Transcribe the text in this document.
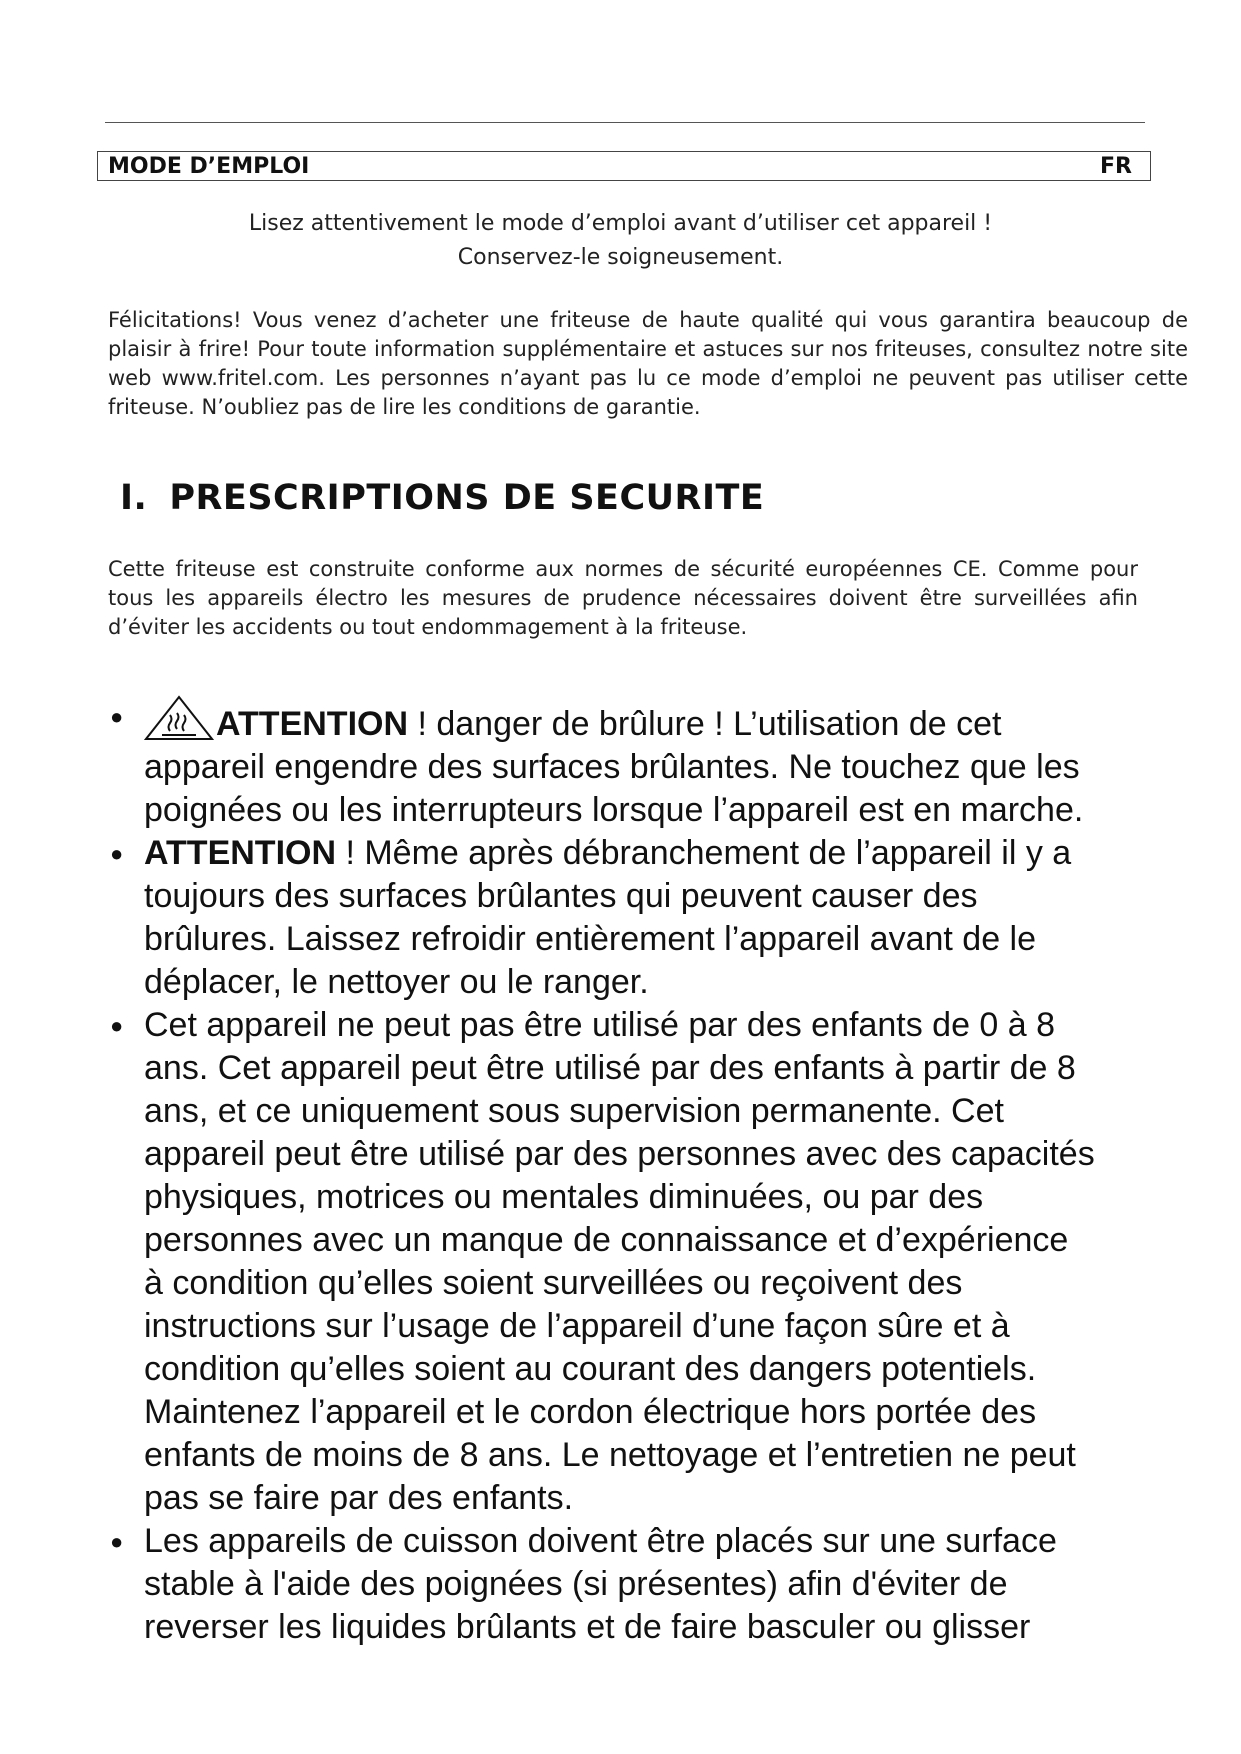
MODE D’EMPLOI	FR
Lisez attentivement le mode d’emploi avant d’utiliser cet appareil !
Conservez-le soigneusement.
Félicitations! Vous venez d’acheter une friteuse de haute qualité qui vous garantira beaucoup de plaisir à frire! Pour toute information supplémentaire et astuces sur nos friteuses, consultez notre site web www.fritel.com. Les personnes n’ayant pas lu ce mode d’emploi ne peuvent pas utiliser cette friteuse. N’oubliez pas de lire les conditions de garantie.
I. PRESCRIPTIONS DE SECURITE
Cette friteuse est construite conforme aux normes de sécurité européennes CE. Comme pour tous les appareils électro les mesures de prudence nécessaires doivent être surveillées afin d’éviter les accidents ou tout endommagement à la friteuse.
●	ATTENTION ! danger de brûlure ! L’utilisation de cet

appareil engendre des surfaces brûlantes. Ne touchez que les

poignées ou les interrupteurs lorsque l’appareil est en marche.

● ATTENTION ! Même après débranchement de l’appareil il y a

toujours des surfaces brûlantes qui peuvent causer des

brûlures. Laissez refroidir entièrement l’appareil avant de le

déplacer, le nettoyer ou le ranger.

● Cet appareil ne peut pas être utilisé par des enfants de 0 à 8

ans. Cet appareil peut être utilisé par des enfants à partir de 8

ans, et ce uniquement sous supervision permanente. Cet

appareil peut être utilisé par des personnes avec des capacités

physiques, motrices ou mentales diminuées, ou par des

personnes avec un manque de connaissance et d’expérience

à condition qu’elles soient surveillées ou reçoivent des

instructions sur l’usage de l’appareil d’une façon sûre et à

condition qu’elles soient au courant des dangers potentiels.

Maintenez l’appareil et le cordon électrique hors portée des

enfants de moins de 8 ans. Le nettoyage et l’entretien ne peut

pas se faire par des enfants.

● Les appareils de cuisson doivent être placés sur une surface

stable à l'aide des poignées (si présentes) afin d'éviter de

reverser les liquides brûlants et de faire basculer ou glisser
